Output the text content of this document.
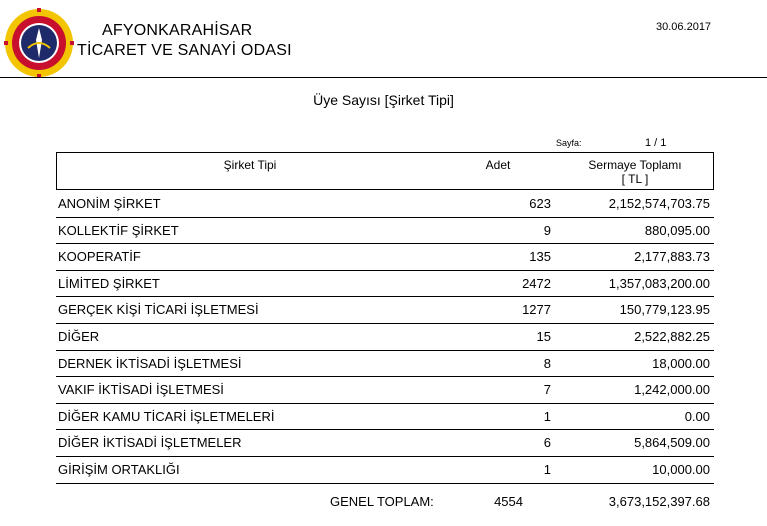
AFYONKARAHİSAR
TİCARET VE SANAYİ ODASI
30.06.2017
Üye Sayısı [Şirket Tipi]
Sayfa:	1 / 1
Şirket Tipi	Adet	Sermaye Toplamı
[ TL ]
ANONİM ŞİRKET	623	2,152,574,703.75
KOLLEKTİF ŞİRKET	9	880,095.00
KOOPERATİF	135	2,177,883.73
LİMİTED ŞİRKET	2472	1,357,083,200.00
GERÇEK KİŞİ TİCARİ İŞLETMESİ	1277	150,779,123.95
DİĞER	15	2,522,882.25
DERNEK İKTİSADİ İŞLETMESİ	8	18,000.00
VAKIF İKTİSADİ İŞLETMESİ	7	1,242,000.00
DİĞER KAMU TİCARİ İŞLETMELERİ	1	0.00
DİĞER İKTİSADİ İŞLETMELER	6	5,864,509.00
GİRİŞİM ORTAKLIĞI	1	10,000.00
GENEL TOPLAM:	4554	3,673,152,397.68
